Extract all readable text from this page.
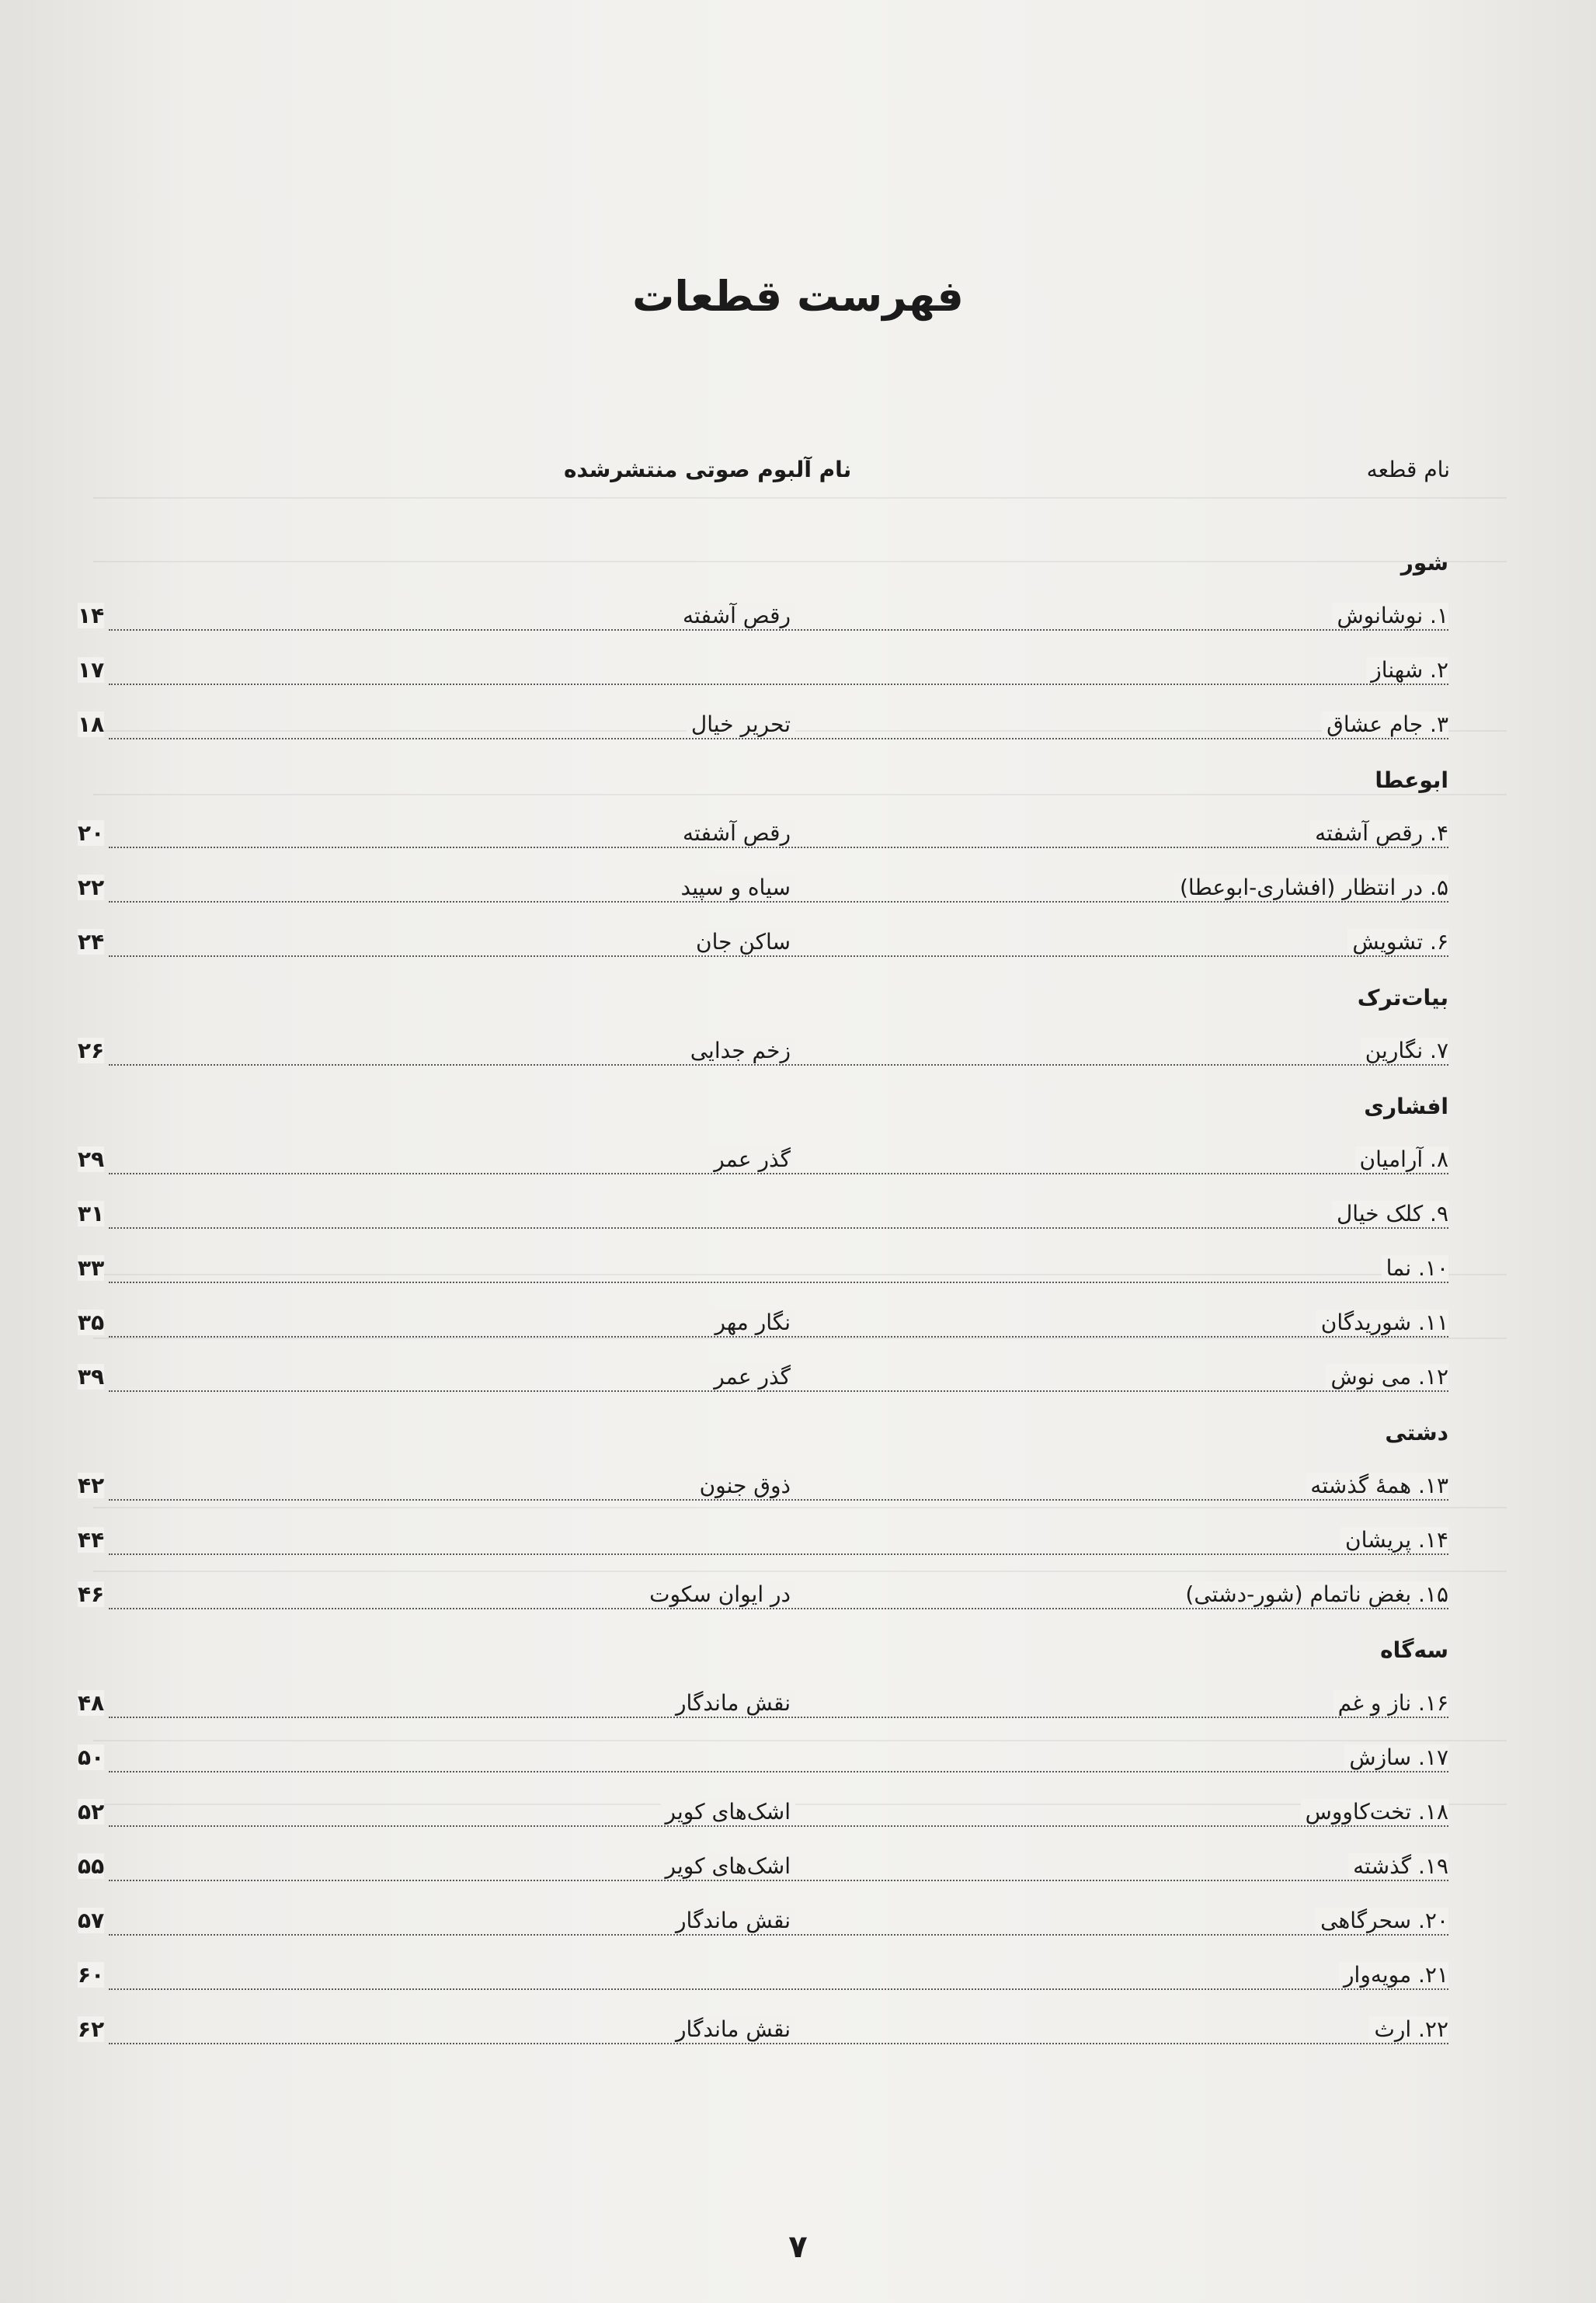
فهرست قطعات
نام قطعه
نام آلبوم صوتی منتشرشده
شور
۱. نوشانوش
رقص آشفته
۱۴
۲. شهناز
۱۷
۳. جام عشاق
تحریر خیال
۱۸
ابوعطا
۴. رقص آشفته
رقص آشفته
۲۰
۵. در انتظار (افشاری-ابوعطا)
سیاه و سپید
۲۲
۶. تشویش
ساکن جان
۲۴
بیات‌ترک
۷. نگارین
زخم جدایی
۲۶
افشاری
۸. آرامیان
گذر عمر
۲۹
۹. کلک خیال
۳۱
۱۰. نما
۳۳
۱۱. شوریدگان
نگار مهر
۳۵
۱۲. می نوش
گذر عمر
۳۹
دشتی
۱۳. همهٔ گذشته
ذوق جنون
۴۲
۱۴. پریشان
۴۴
۱۵. بغض ناتمام (شور-دشتی)
در ایوان سکوت
۴۶
سه‌گاه
۱۶. ناز و غم
نقش ماندگار
۴۸
۱۷. سازش
۵۰
۱۸. تخت‌کاووس
اشک‌های کویر
۵۲
۱۹. گذشته
اشک‌های کویر
۵۵
۲۰. سحرگاهی
نقش ماندگار
۵۷
۲۱. مویه‌وار
۶۰
۲۲. ارث
نقش ماندگار
۶۲
۷
